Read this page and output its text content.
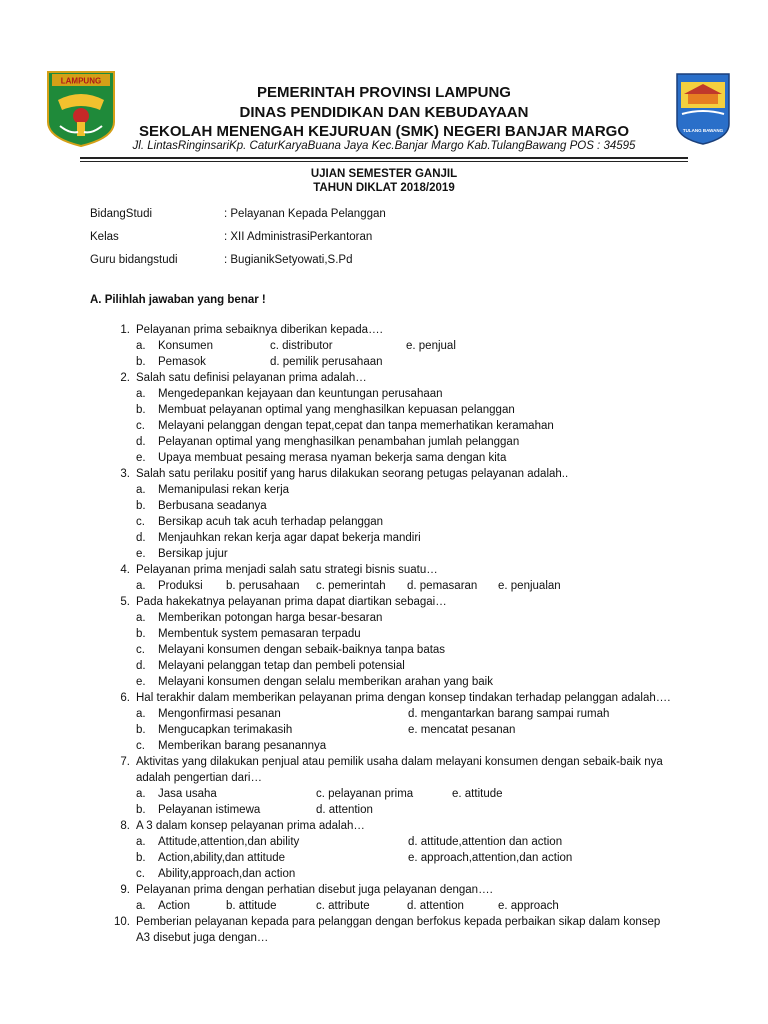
LAMPUNG
TULANG BAWANG
PEMERINTAH PROVINSI LAMPUNG
DINAS PENDIDIKAN DAN KEBUDAYAAN
SEKOLAH MENENGAH KEJURUAN (SMK) NEGERI BANJAR MARGO
Jl. LintasRinginsariKp. CaturKaryaBuana Jaya Kec.Banjar Margo Kab.TulangBawang POS : 34595
UJIAN SEMESTER GANJIL
TAHUN DIKLAT 2018/2019
BidangStudi	: Pelayanan Kepada Pelanggan
Kelas	: XII AdministrasiPerkantoran
Guru bidangstudi	: BugianikSetyowati,S.Pd
A. Pilihlah jawaban yang benar !
1. Pelayanan prima sebaiknya diberikan kepada….
a. Konsumen	c. distributor	e. penjual
b. Pemasok	d. pemilik perusahaan
2. Salah satu definisi pelayanan prima adalah…
a. Mengedepankan kejayaan dan keuntungan perusahaan
b. Membuat pelayanan optimal yang menghasilkan kepuasan pelanggan
c. Melayani pelanggan dengan tepat,cepat dan tanpa memerhatikan keramahan
d. Pelayanan optimal yang menghasilkan penambahan jumlah pelanggan
e. Upaya membuat pesaing merasa nyaman bekerja sama dengan kita
3. Salah satu perilaku positif yang harus dilakukan seorang petugas pelayanan adalah..
a. Memanipulasi rekan kerja
b. Berbusana seadanya
c. Bersikap acuh tak acuh terhadap pelanggan
d. Menjauhkan rekan kerja agar dapat bekerja mandiri
e. Bersikap jujur
4. Pelayanan prima menjadi salah satu strategi bisnis suatu…
a. Produksi b. perusahaan c. pemerintah d. pemasaran e. penjualan
5. Pada hakekatnya pelayanan prima dapat diartikan sebagai…
a. Memberikan potongan harga besar-besaran
b. Membentuk system pemasaran terpadu
c. Melayani konsumen dengan sebaik-baiknya tanpa batas
d. Melayani pelanggan tetap dan pembeli potensial
e. Melayani konsumen dengan selalu memberikan arahan yang baik
6. Hal terakhir dalam memberikan pelayanan prima dengan konsep tindakan terhadap pelanggan adalah….
a. Mengonfirmasi pesanan	d. mengantarkan barang sampai rumah
b. Mengucapkan terimakasih	e. mencatat pesanan
c. Memberikan barang pesanannya
7. Aktivitas yang dilakukan penjual atau pemilik usaha dalam melayani konsumen dengan sebaik-baik nya adalah pengertian dari…
a. Jasa usaha	c. pelayanan prima	e. attitude
b. Pelayanan istimewa	d. attention
8. A 3 dalam konsep pelayanan prima adalah…
a. Attitude,attention,dan ability	d. attitude,attention dan action
b. Action,ability,dan attitude	e. approach,attention,dan action
c. Ability,approach,dan action
9. Pelayanan prima dengan perhatian disebut juga pelayanan dengan….
a. Action	b. attitude	c. attribute	d. attention	e. approach
10. Pemberian pelayanan kepada para pelanggan dengan berfokus kepada perbaikan sikap dalam konsep A3 disebut juga dengan…
